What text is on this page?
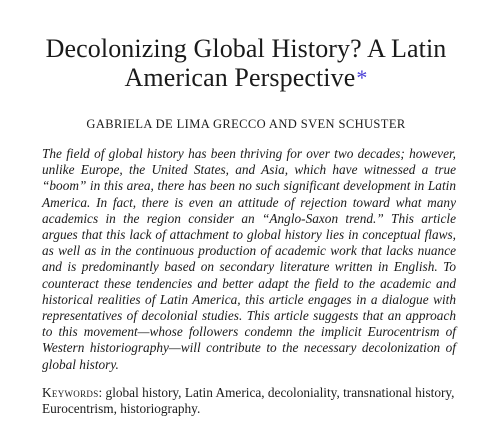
Decolonizing Global History? A Latin
American Perspective*

GABRIELA DE LIMA GRECCO AND SVEN SCHUSTER

The field of global history has been thriving for over two decades; however, unlike Europe, the United States, and Asia, which have witnessed a true “boom” in this area, there has been no such significant development in Latin America. In fact, there is even an attitude of rejection toward what many academics in the region consider an “Anglo-Saxon trend.” This article argues that this lack of attachment to global history lies in conceptual flaws, as well as in the continuous production of academic work that lacks nuance and is predominantly based on secondary literature written in English. To counteract these tendencies and better adapt the field to the academic and historical realities of Latin America, this article engages in a dialogue with representatives of decolonial studies. This article suggests that an approach to this movement—whose followers condemn the implicit Eurocentrism of Western historiography—will contribute to the necessary decolonization of global history.

Keywords: global history, Latin America, decoloniality, transnational history, Eurocentrism, historiography.
